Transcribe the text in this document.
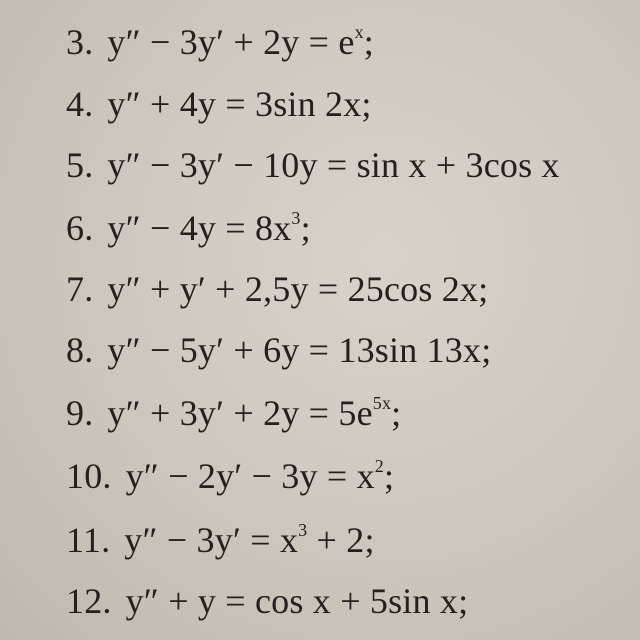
3. $y'' - 3y' + 2y = e^x$;
4. y″ + 4y = 3sin 2x;
5. y″ − 3y′ − 10y = sin x + 3cos x
6. $y'' - 4y = 8x^3$;
7. y″ + y′ + 2,5y = 25cos 2x;
8. y″ − 5y′ + 6y = 13sin 13x;
9. $y'' + 3y' + 2y = 5e^{5x}$;
10. $y'' - 2y' - 3y = x^2$;
11. $y'' - 3y' = x^3 + 2$;
12. y″ + y = cos x + 5sin x;
